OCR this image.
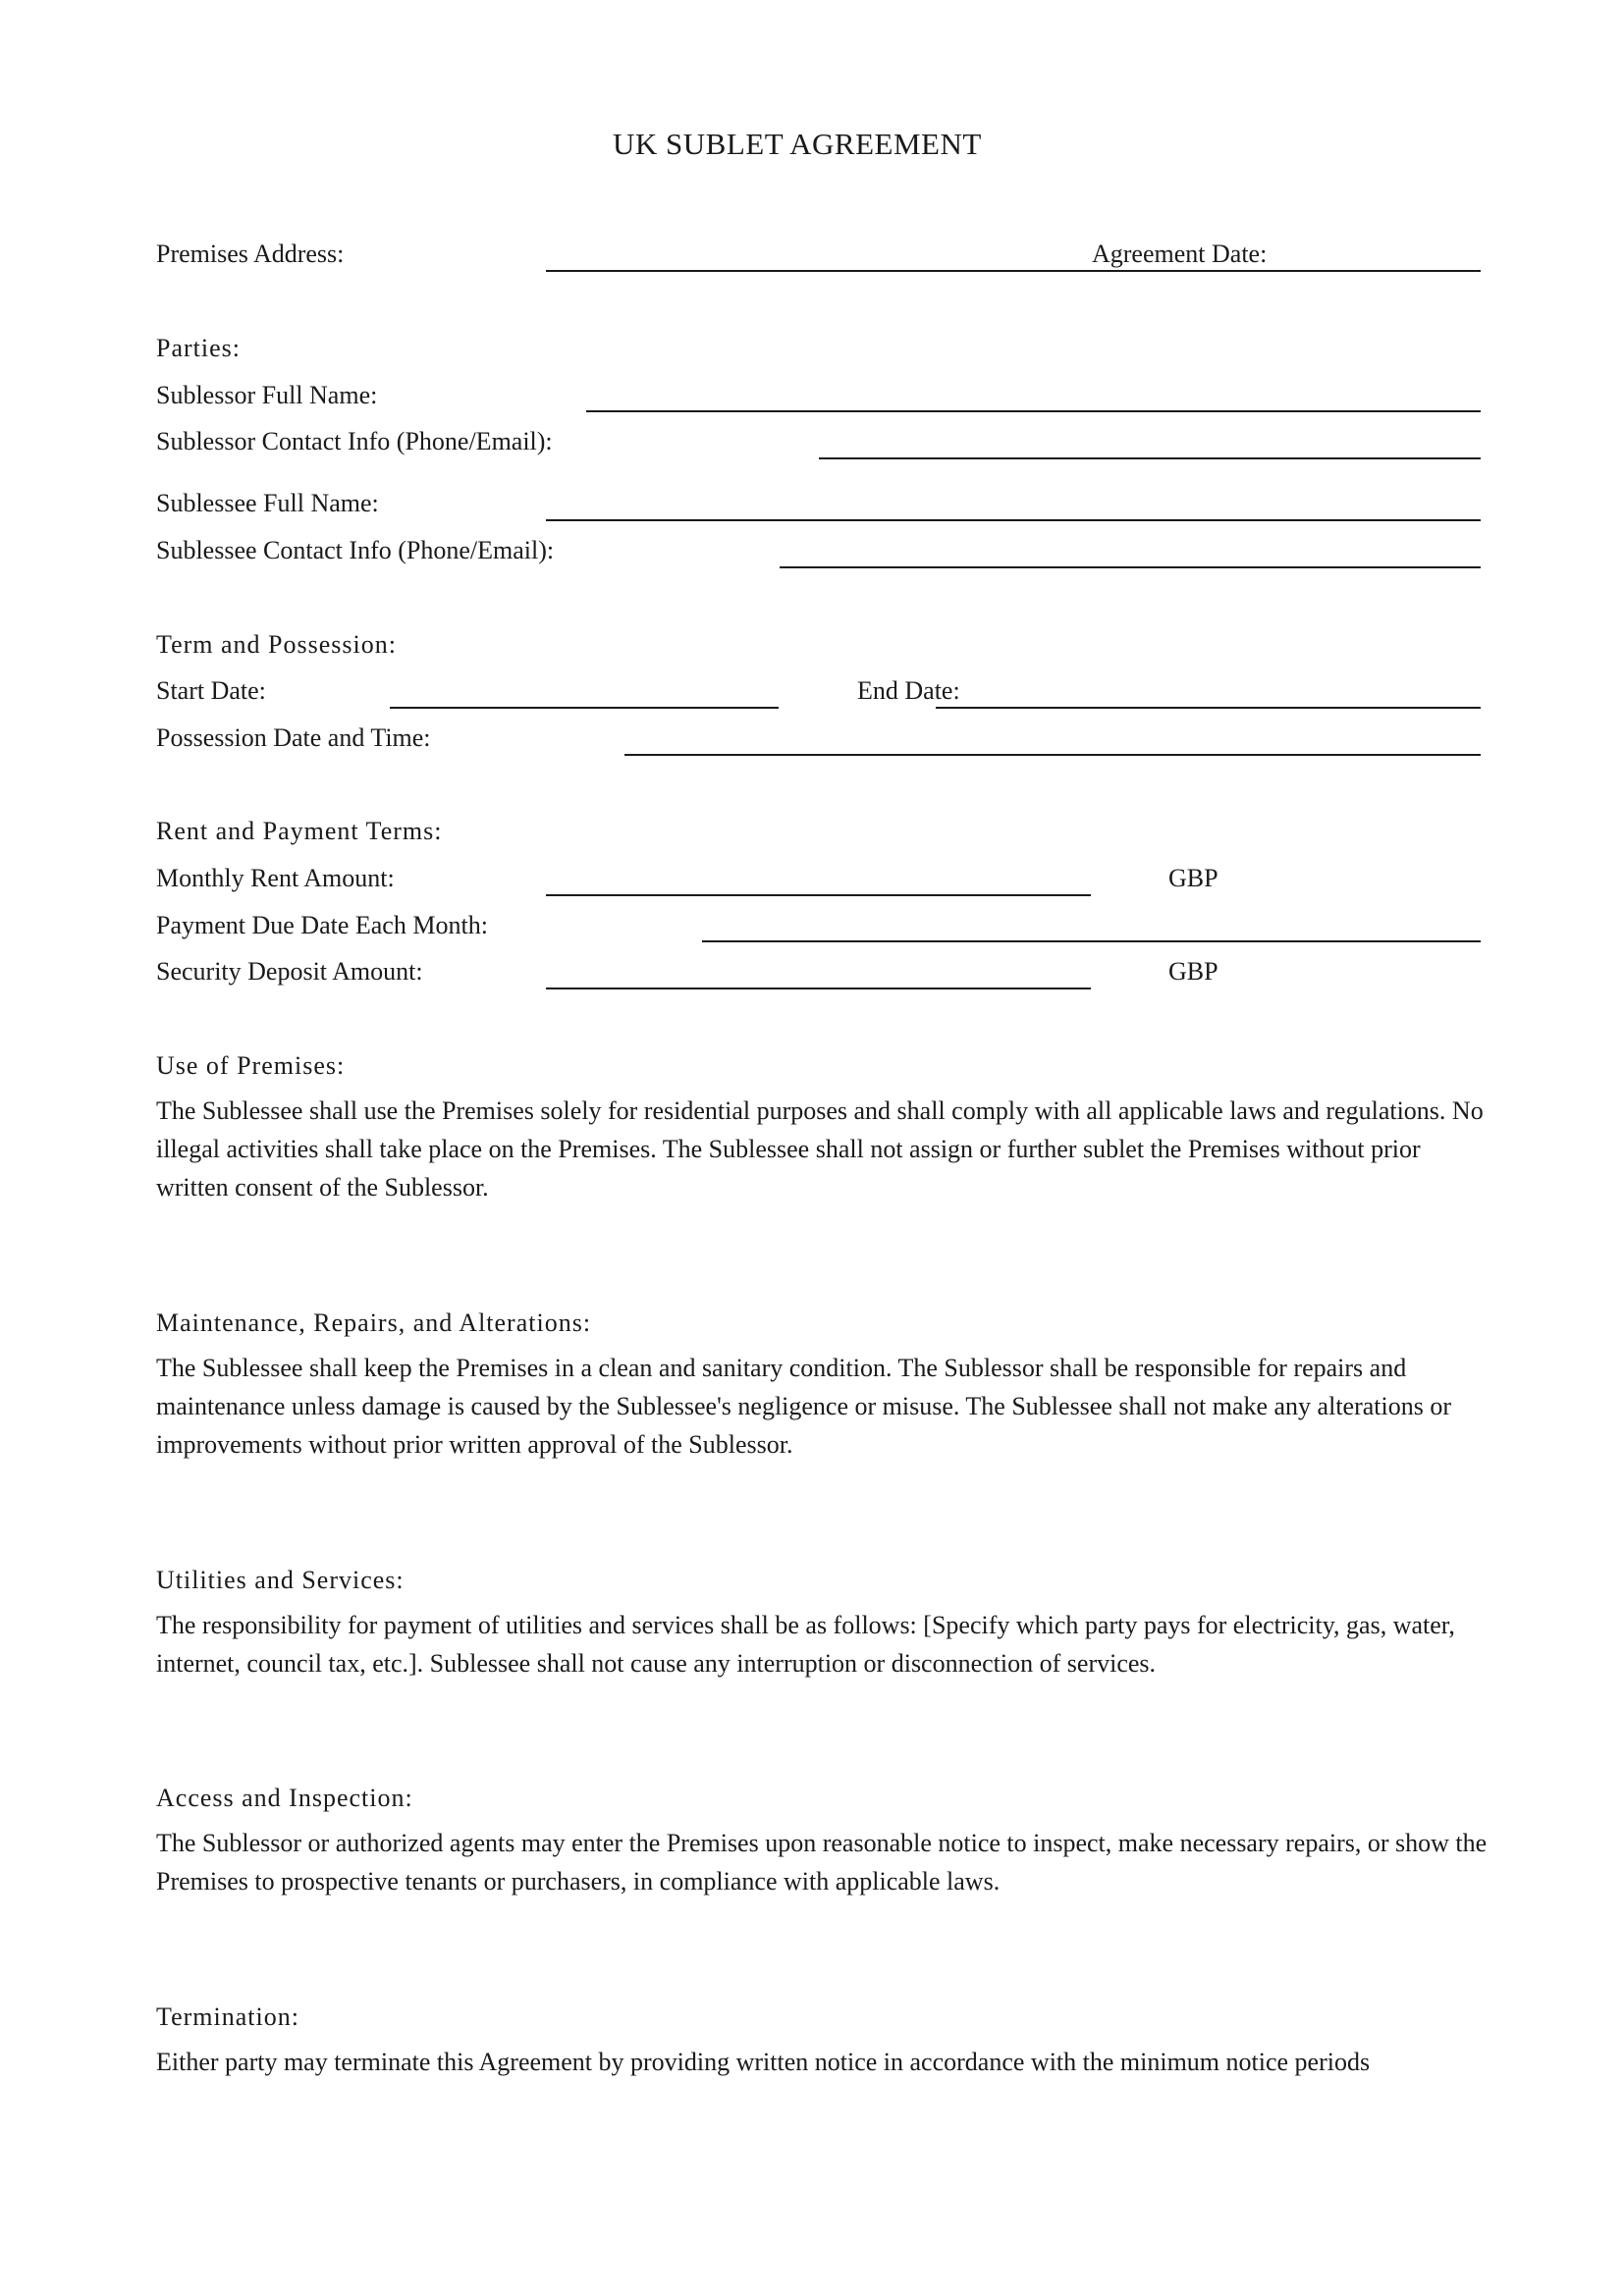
UK SUBLET AGREEMENT
Premises Address:	Agreement Date:
Parties:
Sublessor Full Name:
Sublessor Contact Info (Phone/Email):
Sublessee Full Name:
Sublessee Contact Info (Phone/Email):
Term and Possession:
Start Date:	End Date:
Possession Date and Time:
Rent and Payment Terms:
Monthly Rent Amount:	GBP
Payment Due Date Each Month:
Security Deposit Amount:	GBP
Use of Premises:
The Sublessee shall use the Premises solely for residential purposes and shall comply with all applicable laws and regulations. No illegal activities shall take place on the Premises. The Sublessee shall not assign or further sublet the Premises without prior written consent of the Sublessor.
Maintenance, Repairs, and Alterations:
The Sublessee shall keep the Premises in a clean and sanitary condition. The Sublessor shall be responsible for repairs and maintenance unless damage is caused by the Sublessee's negligence or misuse. The Sublessee shall not make any alterations or improvements without prior written approval of the Sublessor.
Utilities and Services:
The responsibility for payment of utilities and services shall be as follows: [Specify which party pays for electricity, gas, water, internet, council tax, etc.]. Sublessee shall not cause any interruption or disconnection of services.
Access and Inspection:
The Sublessor or authorized agents may enter the Premises upon reasonable notice to inspect, make necessary repairs, or show the Premises to prospective tenants or purchasers, in compliance with applicable laws.
Termination:
Either party may terminate this Agreement by providing written notice in accordance with the minimum notice periods
